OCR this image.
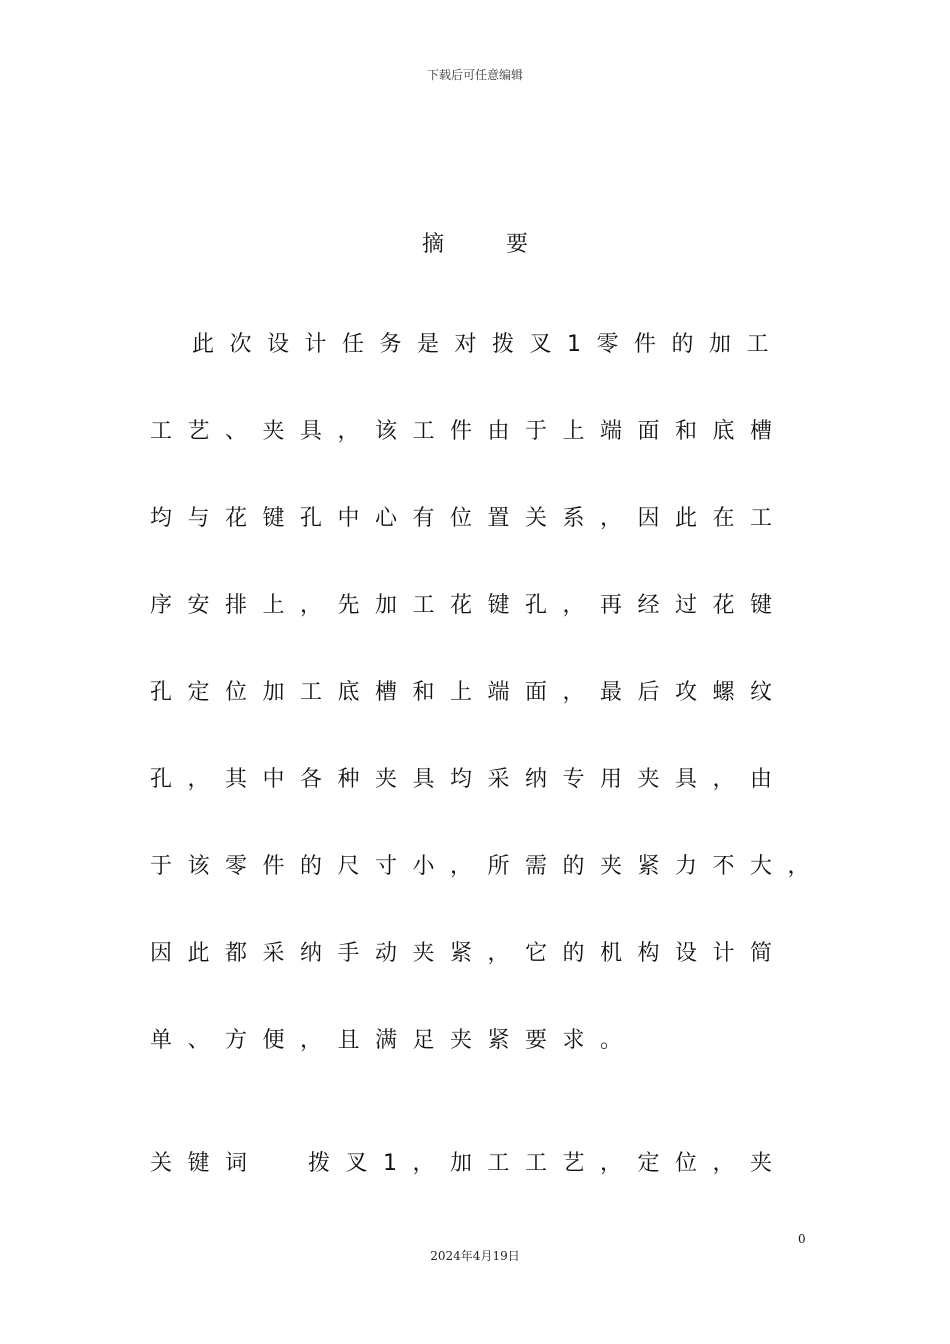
下载后可任意编辑
摘	要
此次设计任务是对拨叉1零件的加工
工艺、夹具，该工件由于上端面和底槽
均与花键孔中心有位置关系，因此在工
序安排上，先加工花键孔，再经过花键
孔定位加工底槽和上端面，最后攻螺纹
孔，其中各种夹具均采纳专用夹具，由
于该零件的尺寸小，所需的夹紧力不大，
因此都采纳手动夹紧，它的机构设计简
单、方便，且满足夹紧要求。
关键词 拨叉1，加工工艺，定位，夹
0
2024年4月19日
